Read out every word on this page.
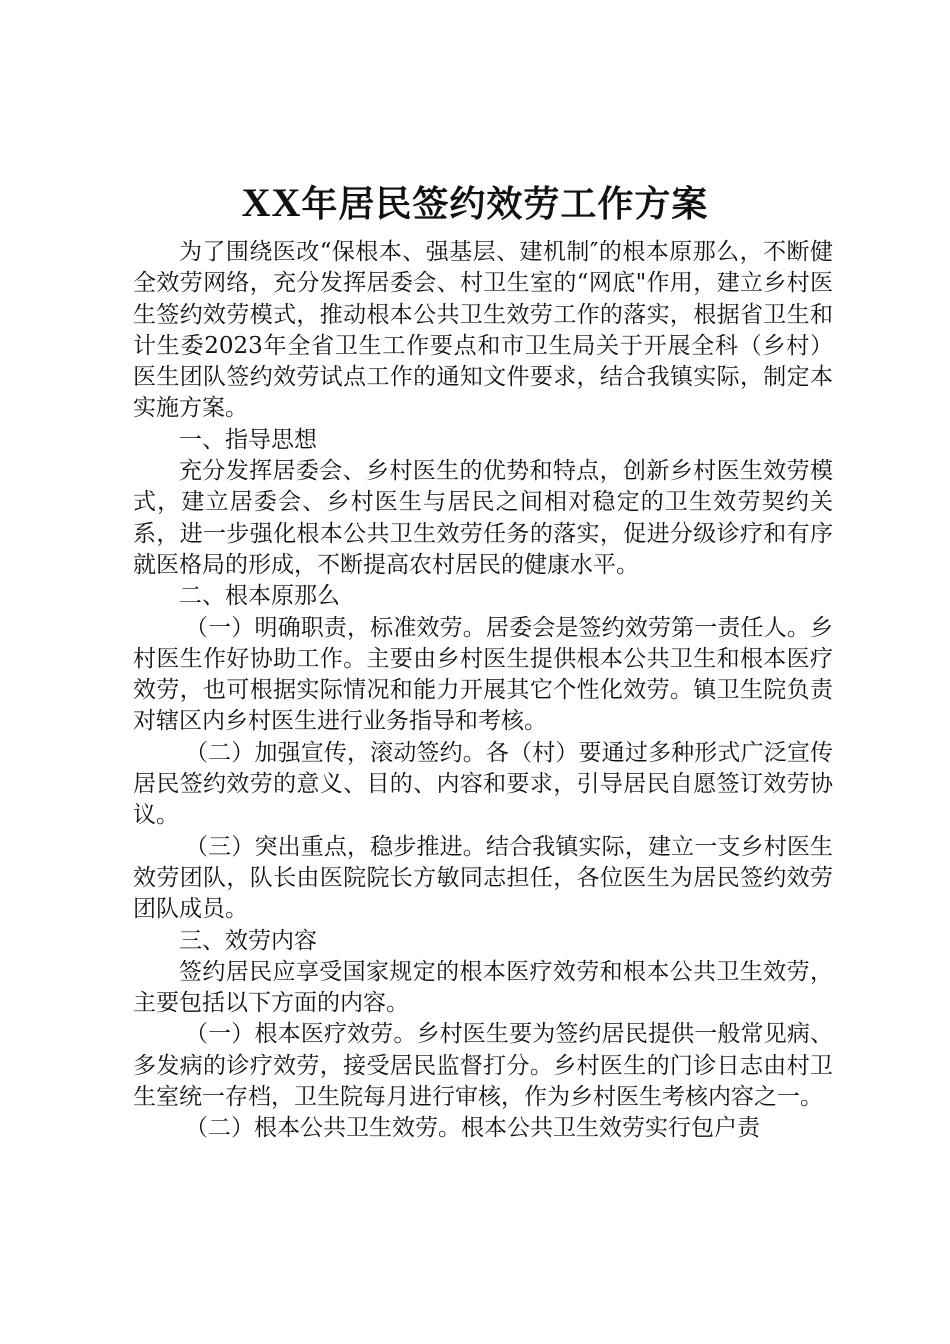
XX年居民签约效劳工作方案

为了围绕医改“保根本、强基层、建机制″的根本原那么，不断健全效劳网络，充分发挥居委会、村卫生室的“网底"作用，建立乡村医生签约效劳模式，推动根本公共卫生效劳工作的落实，根据省卫生和计生委2023年全省卫生工作要点和市卫生局关于开展全科（乡村）医生团队签约效劳试点工作的通知文件要求，结合我镇实际，制定本实施方案。

一、指导思想

充分发挥居委会、乡村医生的优势和特点，创新乡村医生效劳模式，建立居委会、乡村医生与居民之间相对稳定的卫生效劳契约关系，进一步强化根本公共卫生效劳任务的落实，促进分级诊疗和有序就医格局的形成，不断提高农村居民的健康水平。

二、根本原那么

（一）明确职责，标准效劳。居委会是签约效劳第一责任人。乡村医生作好协助工作。主要由乡村医生提供根本公共卫生和根本医疗效劳，也可根据实际情况和能力开展其它个性化效劳。镇卫生院负责对辖区内乡村医生进行业务指导和考核。

（二）加强宣传，滚动签约。各（村）要通过多种形式广泛宣传居民签约效劳的意义、目的、内容和要求，引导居民自愿签订效劳协议。

（三）突出重点，稳步推进。结合我镇实际，建立一支乡村医生效劳团队，队长由医院院长方敏同志担任，各位医生为居民签约效劳团队成员。

三、效劳内容

签约居民应享受国家规定的根本医疗效劳和根本公共卫生效劳，主要包括以下方面的内容。

（一）根本医疗效劳。乡村医生要为签约居民提供一般常见病、多发病的诊疗效劳，接受居民监督打分。乡村医生的门诊日志由村卫生室统一存档，卫生院每月进行审核，作为乡村医生考核内容之一。

（二）根本公共卫生效劳。根本公共卫生效劳实行包户责
